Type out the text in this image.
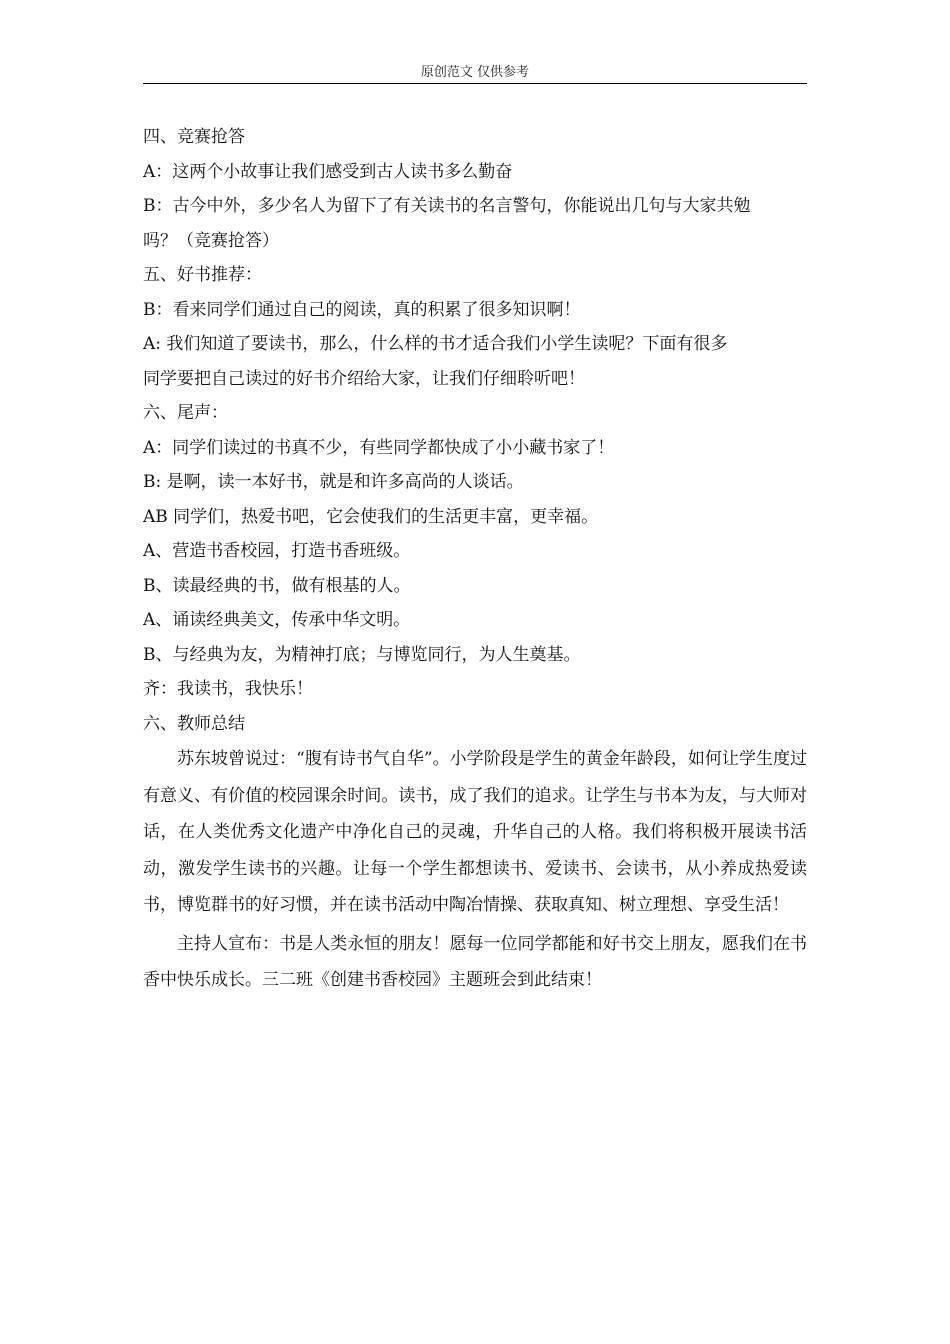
原创范文 仅供参考
四、竞赛抢答
A：这两个小故事让我们感受到古人读书多么勤奋
B：古今中外，多少名人为留下了有关读书的名言警句，你能说出几句与大家共勉
吗？（竞赛抢答）
五、好书推荐：
B：看来同学们通过自己的阅读，真的积累了很多知识啊！
A: 我们知道了要读书，那么，什么样的书才适合我们小学生读呢？下面有很多
同学要把自己读过的好书介绍给大家，让我们仔细聆听吧！
六、尾声：
A：同学们读过的书真不少，有些同学都快成了小小藏书家了！
B: 是啊，读一本好书，就是和许多高尚的人谈话。
AB 同学们，热爱书吧，它会使我们的生活更丰富，更幸福。
A、营造书香校园，打造书香班级。
B、读最经典的书，做有根基的人。
A、诵读经典美文，传承中华文明。
B、与经典为友，为精神打底；与博览同行，为人生奠基。
齐：我读书，我快乐！
六、教师总结

苏东坡曾说过：“腹有诗书气自华”。小学阶段是学生的黄金年龄段，如何让学生度过有意义、有价值的校园课余时间。读书，成了我们的追求。让学生与书本为友，与大师对话，在人类优秀文化遗产中净化自己的灵魂，升华自己的人格。我们将积极开展读书活动，激发学生读书的兴趣。让每一个学生都想读书、爱读书、会读书，从小养成热爱读书，博览群书的好习惯，并在读书活动中陶冶情操、获取真知、树立理想、享受生活！

主持人宣布：书是人类永恒的朋友！愿每一位同学都能和好书交上朋友，愿我们在书香中快乐成长。三二班《创建书香校园》主题班会到此结束！
